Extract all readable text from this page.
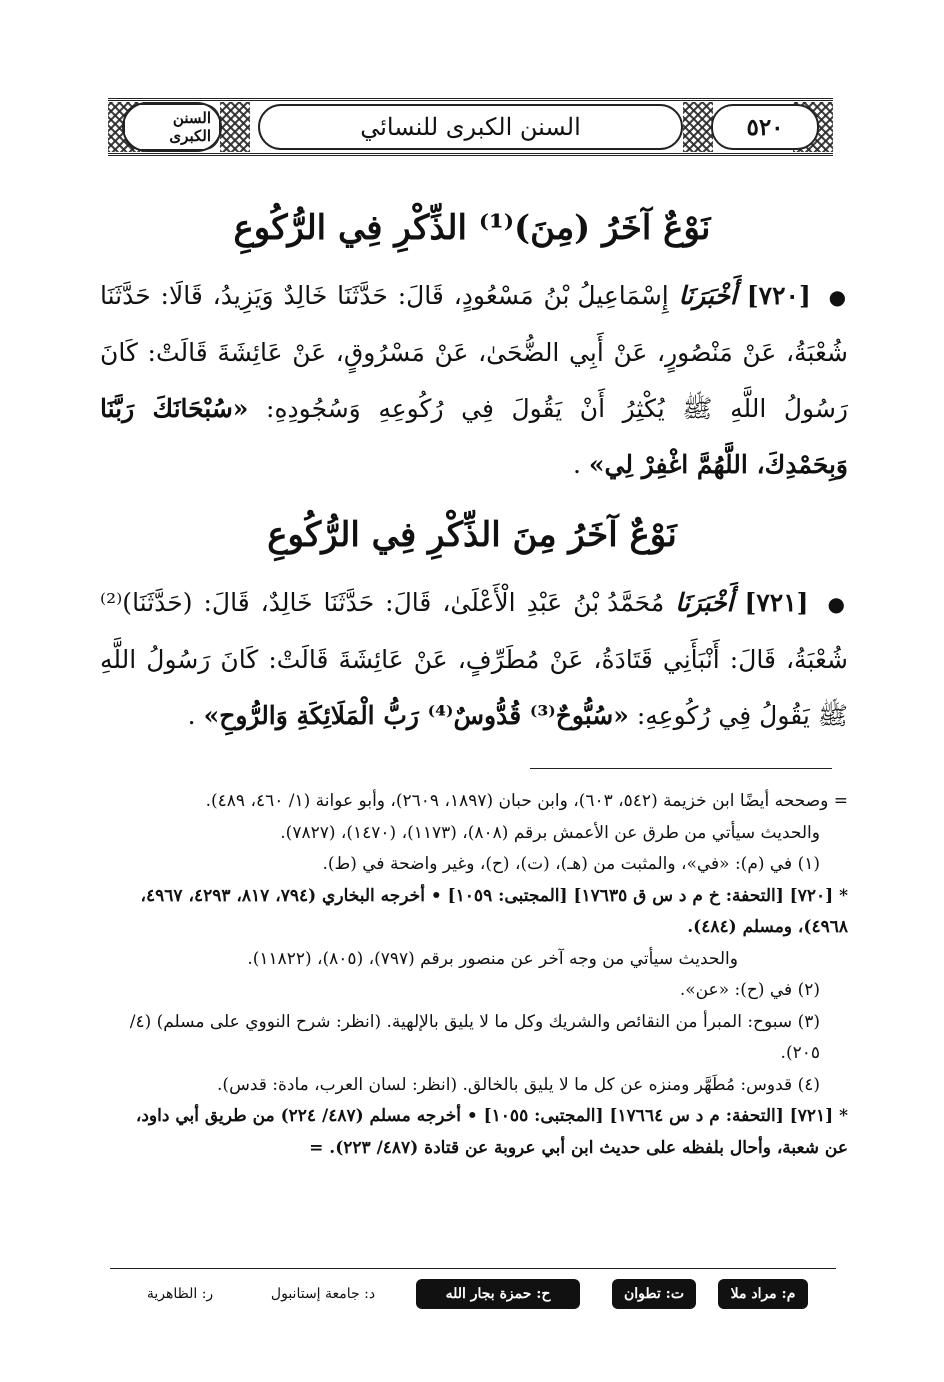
٥٢٠
السنن الكبرى للنسائي
السنن الكبرى
نَوْعٌ آخَرُ (مِنَ)⁽¹⁾ الذِّكْرِ فِي الرُّكُوعِ

● [٧٢٠] أَخْبَرَنَا إِسْمَاعِيلُ بْنُ مَسْعُودٍ، قَالَ: حَدَّثَنَا خَالِدٌ وَيَزِيدُ، قَالَا: حَدَّثَنَا شُعْبَةُ، عَنْ مَنْصُورٍ، عَنْ أَبِي الضُّحَىٰ، عَنْ مَسْرُوقٍ، عَنْ عَائِشَةَ قَالَتْ: كَانَ رَسُولُ اللَّهِ ﷺ يُكْثِرُ أَنْ يَقُولَ فِي رُكُوعِهِ وَسُجُودِهِ: «سُبْحَانَكَ رَبَّنَا وَبِحَمْدِكَ، اللَّهُمَّ اغْفِرْ لِي» .

نَوْعٌ آخَرُ مِنَ الذِّكْرِ فِي الرُّكُوعِ

● [٧٢١] أَخْبَرَنَا مُحَمَّدُ بْنُ عَبْدِ الْأَعْلَىٰ، قَالَ: حَدَّثَنَا خَالِدٌ، قَالَ: (حَدَّثَنَا)⁽²⁾ شُعْبَةُ، قَالَ: أَنْبَأَنِي قَتَادَةُ، عَنْ مُطَرِّفٍ، عَنْ عَائِشَةَ قَالَتْ: كَانَ رَسُولُ اللَّهِ ﷺ يَقُولُ فِي رُكُوعِهِ: «سُبُّوحٌ⁽³⁾ قُدُّوسٌ⁽⁴⁾ رَبُّ الْمَلَائِكَةِ وَالرُّوحِ» .

= وصححه أيضًا ابن خزيمة (٥٤٢، ٦٠٣)، وابن حبان (١٨٩٧، ٢٦٠٩)، وأبو عوانة (١/ ٤٦٠، ٤٨٩).

والحديث سيأتي من طرق عن الأعمش برقم (٨٠٨)، (١١٧٣)، (١٤٧٠)، (٧٨٢٧).

(١) في (م): «في»، والمثبت من (هـ)، (ت)، (ح)، وغير واضحة في (ط).

* [٧٢٠] [التحفة: خ م د س ق ١٧٦٣٥] [المجتبى: ١٠٥٩] • أخرجه البخاري (٧٩٤، ٨١٧، ٤٢٩٣، ٤٩٦٧، ٤٩٦٨)، ومسلم (٤٨٤).

والحديث سيأتي من وجه آخر عن منصور برقم (٧٩٧)، (٨٠٥)، (١١٨٢٢).

(٢) في (ح): «عن».

(٣) سبوح: المبرأ من النقائص والشريك وكل ما لا يليق بالإلهية. (انظر: شرح النووي على مسلم) (٤/ ٢٠٥).

(٤) قدوس: مُطَهَّر ومنزه عن كل ما لا يليق بالخالق. (انظر: لسان العرب، مادة: قدس).

* [٧٢١] [التحفة: م د س ١٧٦٦٤] [المجتبى: ١٠٥٥] • أخرجه مسلم (٤٨٧/ ٢٢٤) من طريق أبي داود، عن شعبة، وأحال بلفظه على حديث ابن أبي عروبة عن قتادة (٤٨٧/ ٢٢٣). =

م: مراد ملا
ت: تطوان
ح: حمزة بجار الله
د: جامعة إستانبول
ر: الظاهرية
